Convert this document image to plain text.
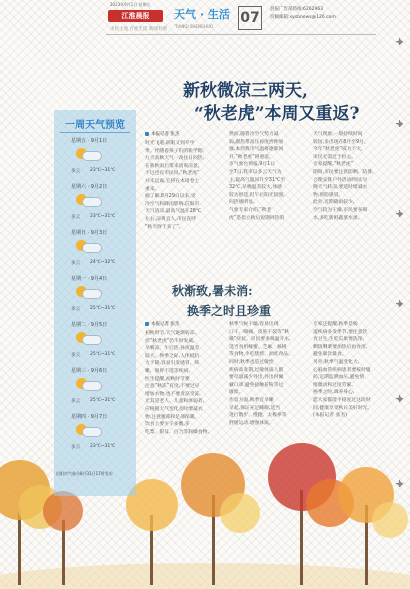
2023年9月1日 星期五
江淮晨报
市民主流 百姓生活 新闻有情
天气 · 生活
TIANQI SHENGHUO
07
晨报广告部热线:6262963
投稿邮箱:xysbnews@126.com
一周天气预览
星期五 · 9月1日
多云 23℃~31℃
星期六 · 9月2日
多云 23℃~31℃
星期日 · 9月3日
多云 24℃~32℃
星期一 · 9月4日
多云 25℃~31℃
星期二 · 9月5日
多云 25℃~31℃
星期三 · 9月6日
多云 25℃~31℃
星期四 · 9月7日
多云 23℃~31℃
信阳市气象台8月31日17时发布
新秋微凉三两天,
“秋老虎”本周又重返?
本报记者 张杰
时光飞逝,转眼又到开学
季。伴随着孩子们的新学期,
九天高秋天气一改往日闷热,
在新秋雨后带来清爽凉意。
不过也有市民说,“秋老虎”
并未远离,它将在本周卷土
重来。
据了解,8月29日以来,受
冷空气和降雨影响,信阳市
天气清凉,最高气温在28℃
左右,凉爽宜人,市民直呼
“秋天终于来了”。
然而,随着冷空气势力减
弱,副热带高压再度西伸加
强,本周我市气温将逐渐回
升,“秋老虎”将重返。
市气象台预报,9月1日
至7日,我市以多云天气为
主,最高气温回升至31℃至
32℃,早晚温差较大,体感
较为舒适,但午后阳光较强,
闷热感明显。
气象专家介绍,“秋老
虎”是指立秋后短期回热的
天气现象,一般持续时间
较短,多出现在8月至9月。
今年“秋老虎”威力不大,
市民无需过于担心。
专家提醒,“秋老虎”
期间,市民要注意防晒、防暑,
合理安排户外活动时间;早
晚天气转凉,要适时增减衣
物,预防感冒。
此外,近期降雨较少,
空气较为干燥,市民要多喝
水,多吃新鲜蔬菜水果。
秋渐致,暑未消:
换季之时且珍重
本报记者 张杰
初秋时节,天气逐渐转凉,
但“秋老虎”仍不时发威,
早晚凉、午后热,昼夜温差
较大。换季之际,人体抵抗
力下降,容易引发感冒、咳
嗽、肠胃不适等疾病。
医生提醒,初秋时节要
注意“秋冻”有度,不要过早
增加衣物,也不要贪凉受冻,
尤其是老人、儿童和体弱者,
应根据天气变化及时增减衣
物,注意腹部和足部保暖。
饮食上要少辛多酸,多
吃梨、银耳、百合等润燥食物,
秋季气候干燥,容易出现
口干、咽痛、皮肤干裂等“秋
燥”症状。市民要多喝温开水,
适当食用蜂蜜、芝麻、核桃
等食物,少吃烧烤、油炸食品。
同时,秋季也是过敏性
疾病高发期,过敏体质人群
要尽量减少外出,外出时佩
戴口罩,避免接触花粉等过
敏原。
作息方面,秋季宜早睡
早起,保证充足睡眠,适当
进行散步、慢跑、太极拳等
舒缓运动,增强体质。
专家还提醒,秋季是肠
道疾病多发季节,要注意饮
食卫生,生吃瓜果要洗净,
剩饭剩菜要加热后再食用,
避免暴饮暴食。
另外,秋季气温变化大,
心脑血管疾病患者要按时服
药,定期监测血压,避免情
绪激动和过度劳累。
换季之时,调养身心,
愿大家都能平稳度过这段时
间,健康享受秋日美好时光。
(本报记者 张杰)
